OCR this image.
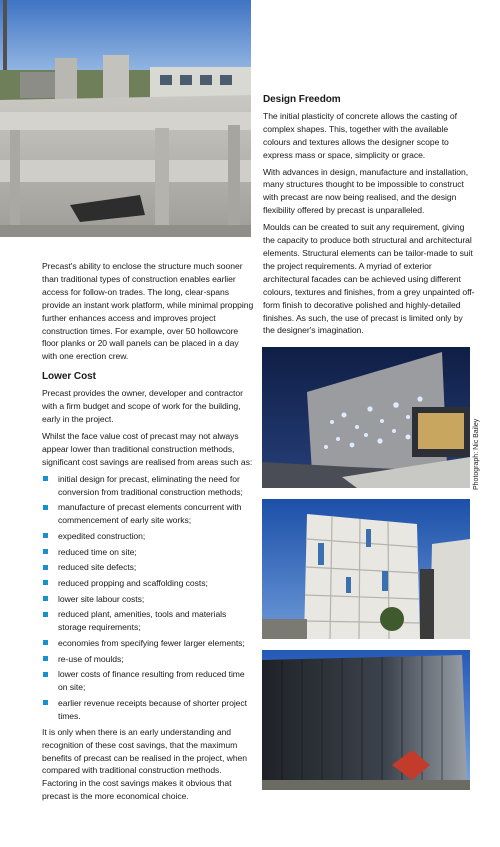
Design Freedom

The initial plasticity of concrete allows the casting of complex shapes. This, together with the available colours and textures allows the designer scope to express mass or space, simplicity or grace.

With advances in design, manufacture and installation, many structures thought to be impossible to construct with precast are now being realised, and the design flexibility offered by precast is unparalleled.

Moulds can be created to suit any requirement, giving the capacity to produce both structural and architectural elements. Structural elements can be tailor-made to suit the project requirements. A myriad of exterior architectural facades can be achieved using different colours, textures and finishes, from a grey unpainted off-form finish to decorative polished and highly-detailed finishes. As such, the use of precast is limited only by the designer's imagination.

Precast's ability to enclose the structure much sooner than traditional types of construction enables earlier access for follow-on trades. The long, clear-spans provide an instant work platform, while minimal propping further enhances access and improves project construction times. For example, over 50 hollowcore floor planks or 20 wall panels can be placed in a day with one erection crew.

Lower Cost

Precast provides the owner, developer and contractor with a firm budget and scope of work for the building, early in the project.

Whilst the face value cost of precast may not always appear lower than traditional construction methods, significant cost savings are realised from areas such as:

initial design for precast, eliminating the need for conversion from traditional construction methods;
manufacture of precast elements concurrent with commencement of early site works;
expedited construction;
reduced time on site;
reduced site defects;
reduced propping and scaffolding costs;
lower site labour costs;
reduced plant, amenities, tools and materials storage requirements;
economies from specifying fewer larger elements;
re-use of moulds;
lower costs of finance resulting from reduced time on site;
earlier revenue receipts because of shorter project times.

It is only when there is an early understanding and recognition of these cost savings, that the maximum benefits of precast can be realised in the project, when compared with traditional construction methods. Factoring in the cost savings makes it obvious that precast is the more economical choice.

Photograph: Nic Bailey
